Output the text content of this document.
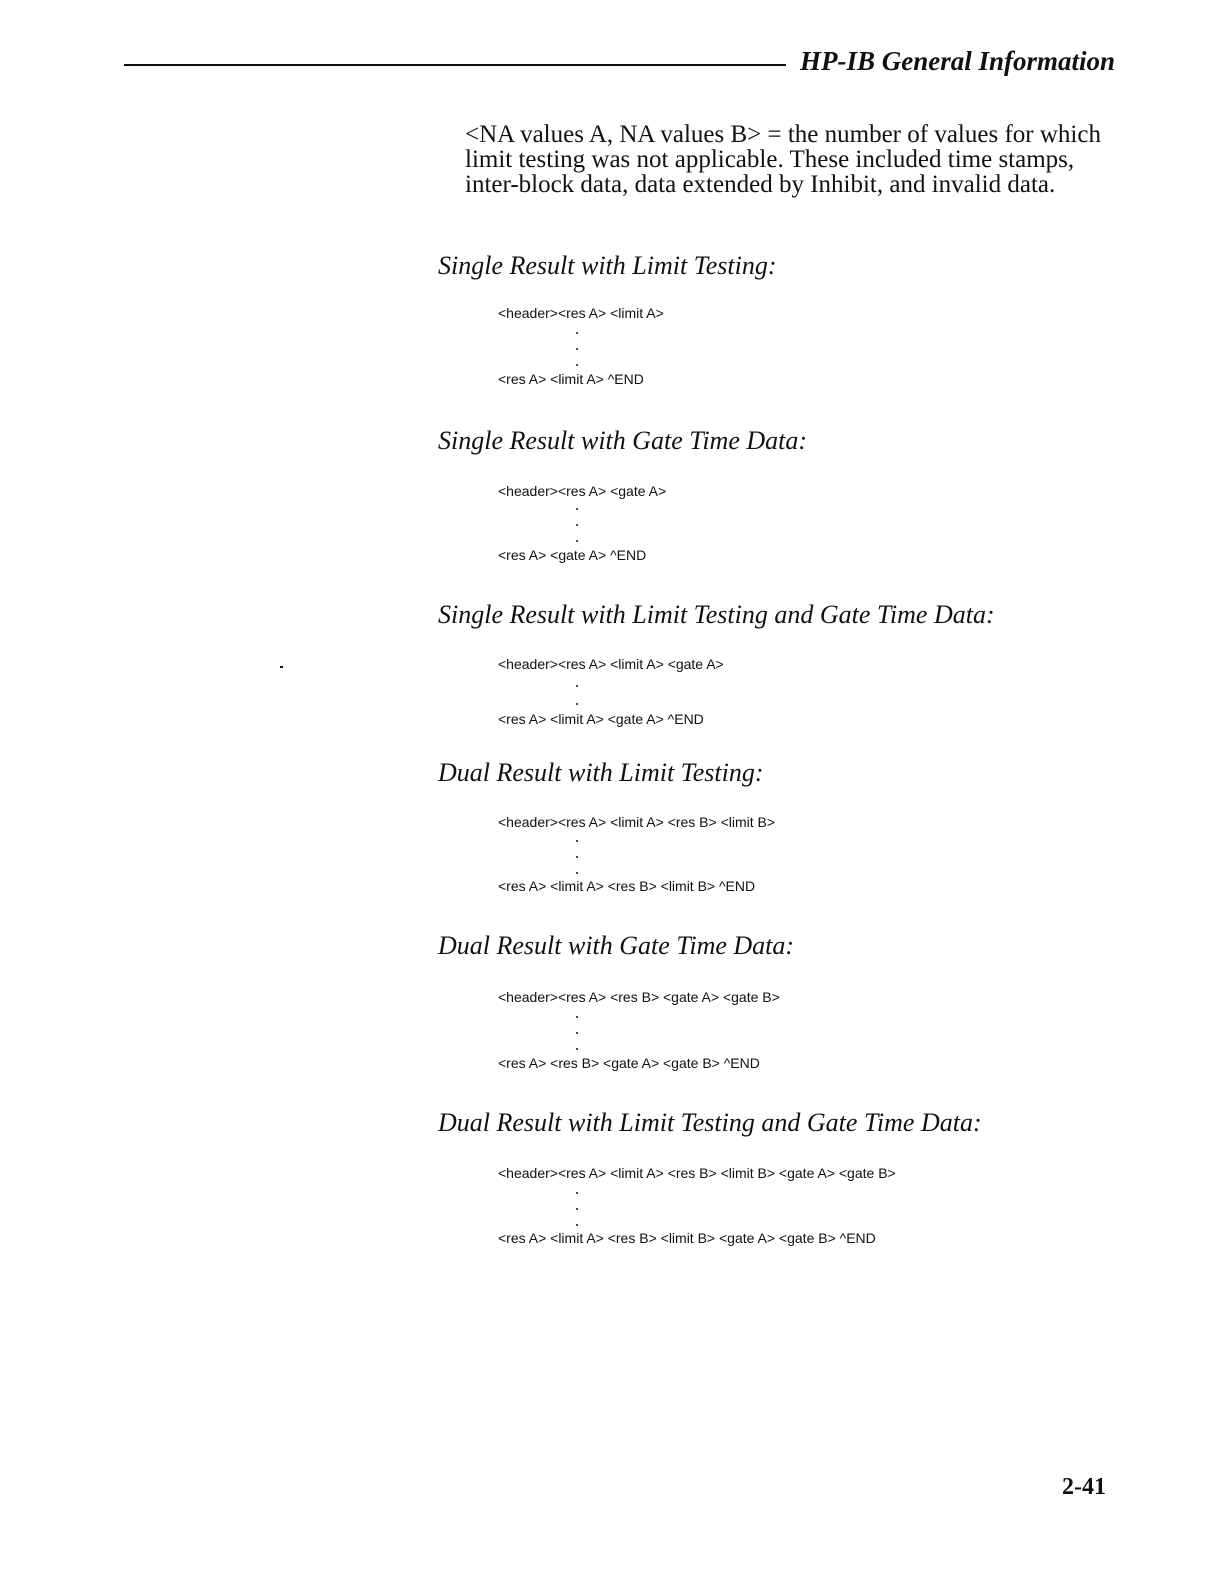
HP-IB General Information

<NA values A, NA values B> = the number of values for which limit testing was not applicable. These included time stamps, inter-block data, data extended by Inhibit, and invalid data.

Single Result with Limit Testing:

<header><res A> <limit A>
<res A> <limit A> ^END

Single Result with Gate Time Data:

<header><res A> <gate A>
<res A> <gate A> ^END

Single Result with Limit Testing and Gate Time Data:

<header><res A> <limit A> <gate A>
<res A> <limit A> <gate A> ^END

Dual Result with Limit Testing:

<header><res A> <limit A> <res B> <limit B>
<res A> <limit A> <res B> <limit B> ^END

Dual Result with Gate Time Data:

<header><res A> <res B> <gate A> <gate B>
<res A> <res B> <gate A> <gate B> ^END

Dual Result with Limit Testing and Gate Time Data:

<header><res A> <limit A> <res B> <limit B> <gate A> <gate B>
<res A> <limit A> <res B> <limit B> <gate A> <gate B> ^END
2-41
